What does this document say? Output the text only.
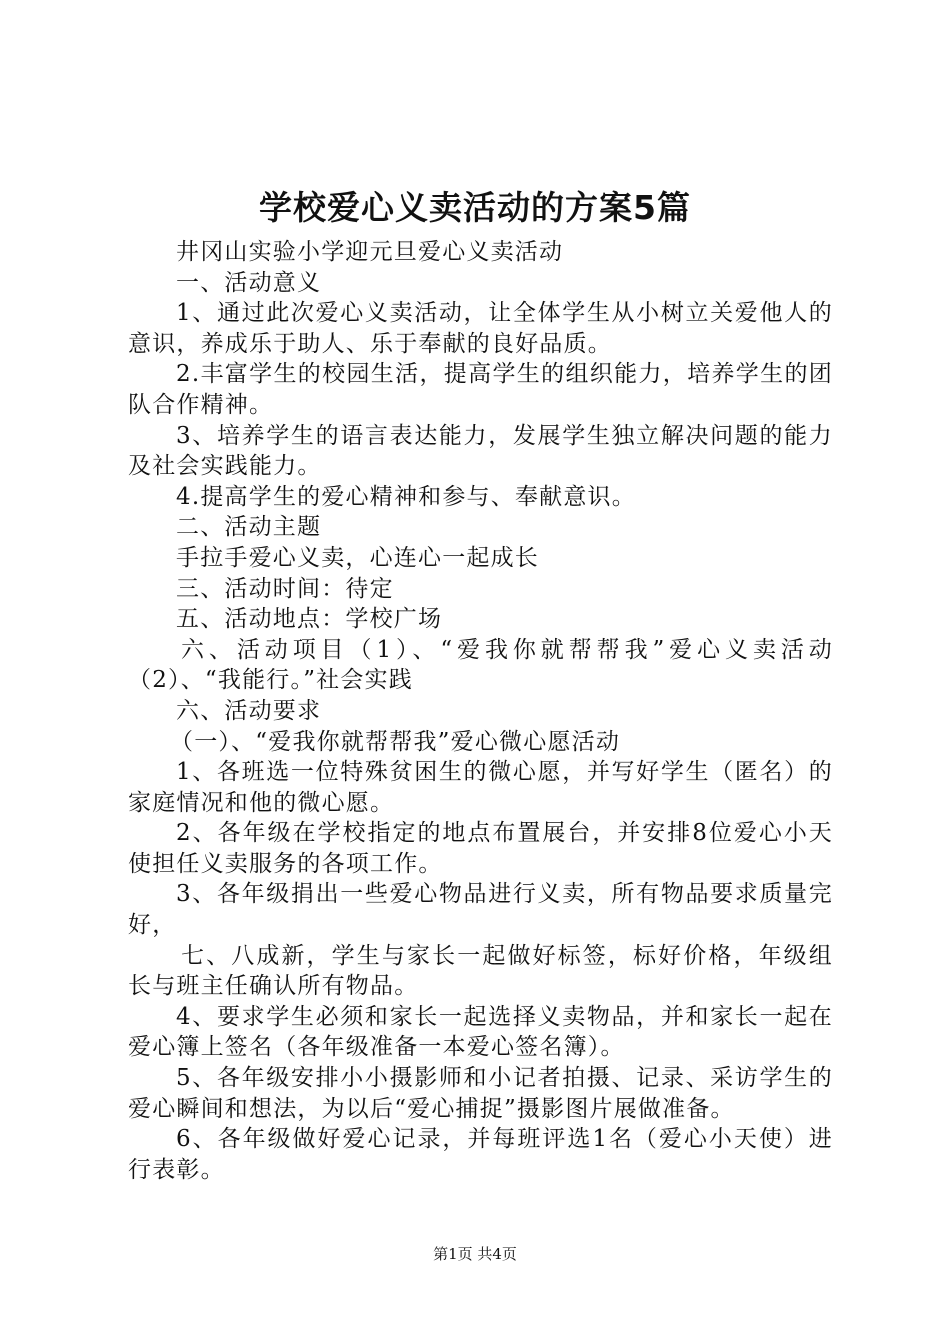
学校爱心义卖活动的方案5篇

井冈山实验小学迎元旦爱心义卖活动

一、活动意义

1、通过此次爱心义卖活动，让全体学生从小树立关爱他人的意识，养成乐于助人、乐于奉献的良好品质。

2.丰富学生的校园生活，提高学生的组织能力，培养学生的团队合作精神。

3、培养学生的语言表达能力，发展学生独立解决问题的能力及社会实践能力。

4.提高学生的爱心精神和参与、奉献意识。

二、活动主题

手拉手爱心义卖，心连心一起成长

三、活动时间：待定

五、活动地点：学校广场

六、活动项目（1）、“爱我你就帮帮我”爱心义卖活动（2）、“我能行。”社会实践

六、活动要求

（一）、“爱我你就帮帮我”爱心微心愿活动

1、各班选一位特殊贫困生的微心愿，并写好学生（匿名）的家庭情况和他的微心愿。

2、各年级在学校指定的地点布置展台，并安排8位爱心小天使担任义卖服务的各项工作。

3、各年级捐出一些爱心物品进行义卖，所有物品要求质量完好，

七、八成新，学生与家长一起做好标签，标好价格，年级组长与班主任确认所有物品。

4、要求学生必须和家长一起选择义卖物品，并和家长一起在爱心簿上签名（各年级准备一本爱心签名簿）。

5、各年级安排小小摄影师和小记者拍摄、记录、采访学生的爱心瞬间和想法，为以后“爱心捕捉”摄影图片展做准备。

6、各年级做好爱心记录，并每班评选1名（爱心小天使）进行表彰。

第1页 共4页
